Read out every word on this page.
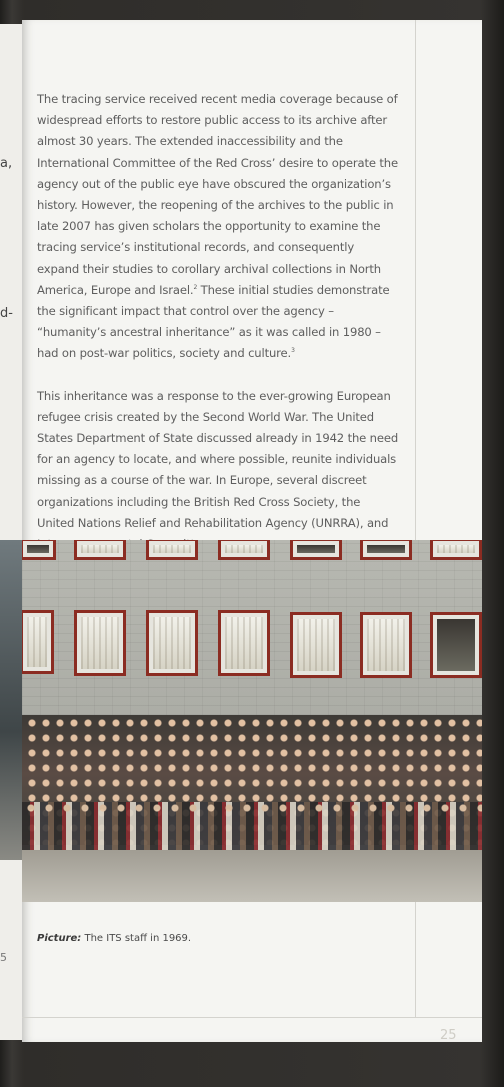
a,
d-
5

The tracing service received recent media coverage because of widespread efforts to restore public access to its archive after almost 30 years. The extended inaccessibility and the International Committee of the Red Cross’ desire to operate the agency out of the public eye have obscured the organization’s history. However, the reopening of the archives to the public in late 2007 has given scholars the opportunity to examine the tracing service’s institutional records, and consequently expand their studies to corollary archival collections in North America, Europe and Israel.$^2$ These initial studies demonstrate the significant impact that control over the agency – “humanity’s ancestral inheritance” as it was called in 1980 – had on post-war politics, society and culture.$^3$

This inheritance was a response to the ever-growing European refugee crisis created by the Second World War. The United States Department of State discussed already in 1942 the need for an agency to locate, and where possible, reunite individuals missing as a course of the war. In Europe, several discreet organizations including the British Red Cross Society, the United Nations Relief and Rehabilitation Agency (UNRRA), and

Picture: The ITS staff in 1969.
25
